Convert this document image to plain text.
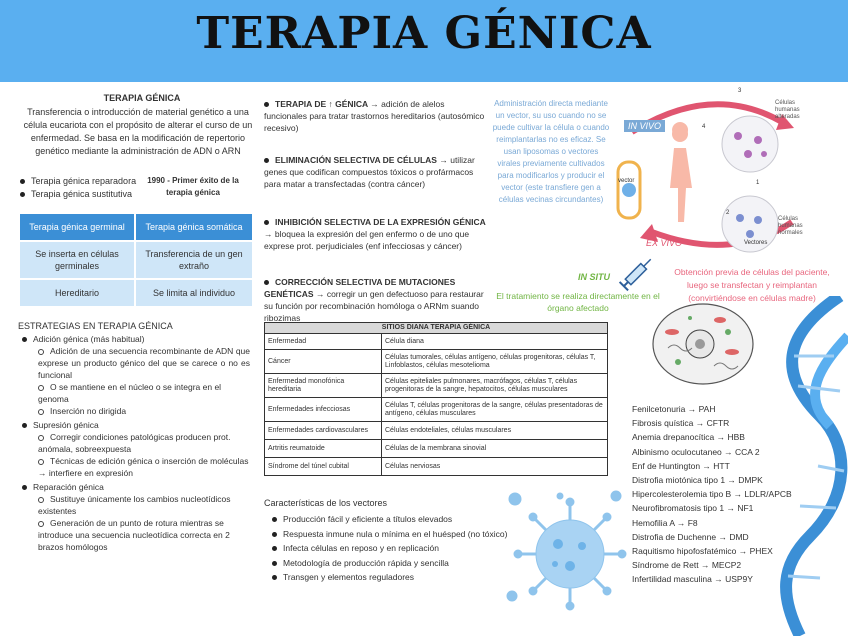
TERAPIA GÉNICA
TERAPIA GÉNICA
Transferencia o introducción de material genético a una célula eucariota con el propósito de alterar el curso de un enfermedad. Se basa en la modificación de repertorio genético mediante la administración de ADN o ARN
Terapia génica reparadora
Terapia génica sustitutiva
1990 - Primer éxito de la terapia génica
Terapia génica germinal	Terapia génica somática
Se inserta en células germinales	Transferencia de un gen extraño
Hereditario	Se limita al individuo
ESTRATEGIAS EN TERAPIA GÉNICA
Adición génica (más habitual)
Adición de una secuencia recombinante de ADN que exprese un producto génico del que se carece o no es funcional
O se mantiene en el núcleo o se integra en el genoma
Inserción no dirigida
Supresión génica
Corregir condiciones patológicas producen prot. anómala, sobreexpuesta
Técnicas de edición génica o inserción de moléculas → interfiere en expresión
Reparación génica
Sustituye únicamente los cambios nucleotídicos existentes
Generación de un punto de rotura mientras se introduce una secuencia nucleotídica correcta en 2 brazos homólogos
TERAPIA DE ↑ GÉNICA → adición de alelos funcionales para tratar trastornos hereditarios (autosómico recesivo)
ELIMINACIÓN SELECTIVA DE CÉLULAS → utilizar genes que codifican compuestos tóxicos o profármacos para matar a transfectadas (contra cáncer)
INHIBICIÓN SELECTIVA DE LA EXPRESIÓN GÉNICA → bloquea la expresión del gen enfermo o de uno que exprese prot. perjudiciales (enf infecciosas y cáncer)
CORRECCIÓN SELECTIVA DE MUTACIONES GENÉTICAS → corregir un gen defectuoso para restaurar su función por recombinación homóloga o ARNm suando ribozimas
SITIOS DIANA TERAPIA GÉNICA	
Enfermedad	Célula diana
Cáncer	Células tumorales, células antígeno, células progenitoras, células T, Linfoblastos, células mesotelioma
Enfermedad monofónica hereditaria	Células epiteliales pulmonares, macrófagos, células T, células progenitoras de la sangre, hepatocitos, células musculares
Enfermedades infecciosas	Células T, células progenitoras de la sangre, células presentadoras de antígeno, células musculares
Enfermedades cardiovasculares	Células endoteliales, células musculares
Artritis reumatoide	Células de la membrana sinovial
Síndrome del túnel cubital	Células nerviosas
Características de los vectores
Producción fácil y eficiente a títulos elevados
Respuesta inmune nula o mínima en el huésped (no tóxico)
Infecta células en reposo y en replicación
Metodología de producción rápida y sencilla
Transgen y elementos reguladores
Administración directa mediante un vector, su uso cuando no se puede cultivar la célula o cuando reimplantarlas no es eficaz. Se usan liposomas o vectores virales previamente cultivados para modificarlos y producir el vector (este transfiere gen a células vecinas circundantes)
IN VIVO
EX VIVO
vector
Vectores
Células humanas alteradas
Células humanas normales
1
2
3
4
IN SITU
El tratamiento se realiza directamente en el órgano afectado
Obtención previa de células del paciente, luego se transfectan y reimplantan (convirtiéndose en células madre)
Fenilcetonuria → PAH
Fibrosis quística → CFTR
Anemia drepanocítica → HBB
Albinismo oculocutaneo → CCA 2
Enf de Huntington → HTT
Distrofia miotónica tipo 1 → DMPK
Hipercolesterolemia tipo B → LDLR/APCB
Neurofibromatosis tipo 1 → NF1
Hemofilia A → F8
Distrofia de Duchenne → DMD
Raquitismo hipofosfatémico → PHEX
Síndrome de Rett → MECP2
Infertilidad masculina → USP9Y
